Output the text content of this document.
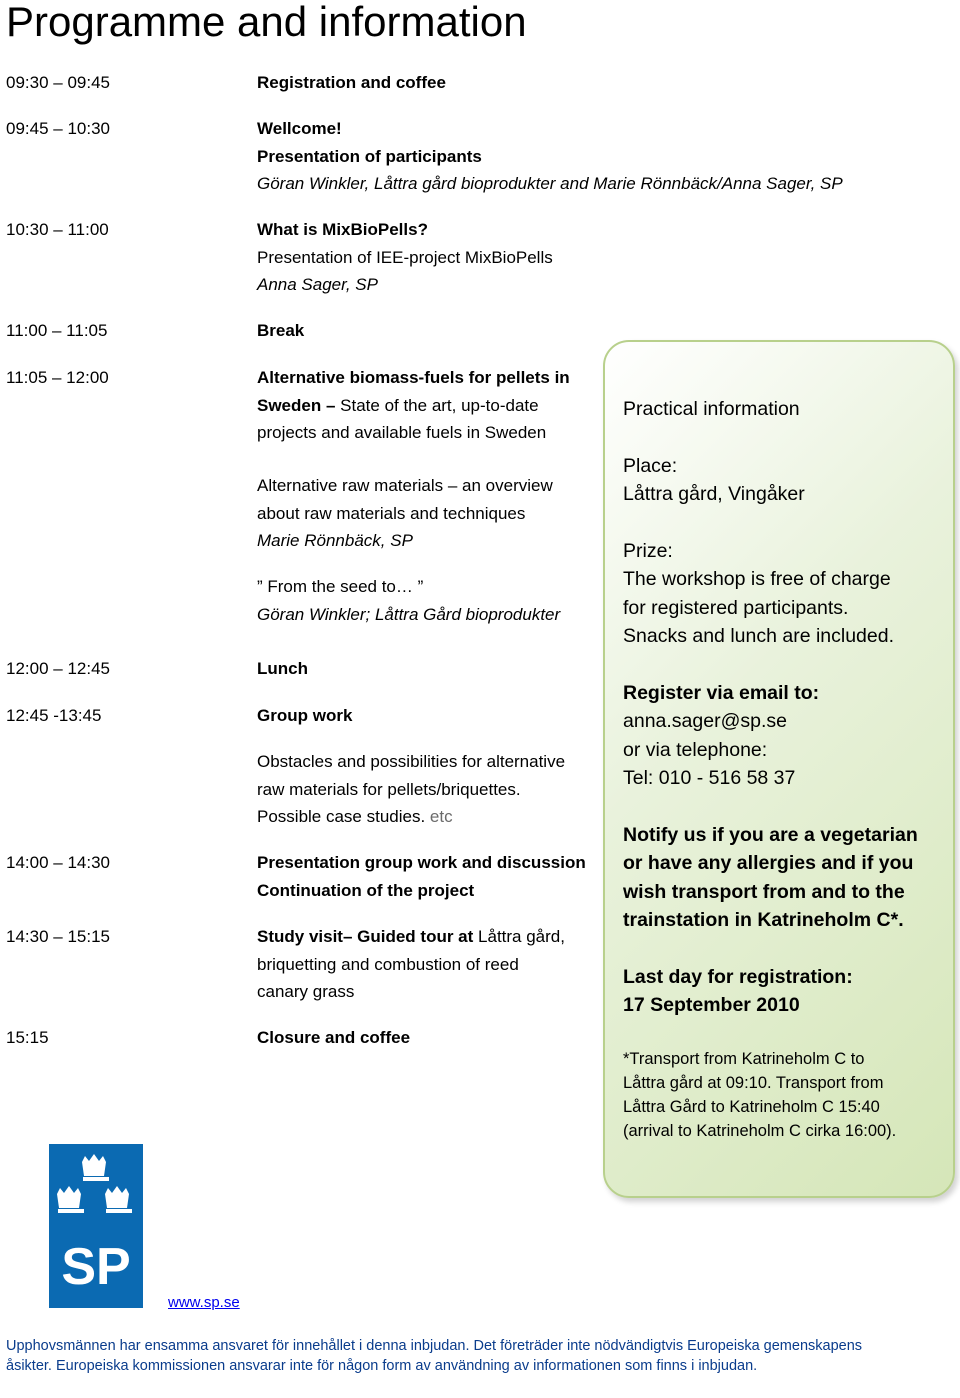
Programme and information
09:30 – 09:45	Registration and coffee
09:45 – 10:30	Wellcome!
Presentation of participants
Göran Winkler, Låttra gård bioprodukter and Marie Rönnbäck/Anna Sager, SP
10:30 – 11:00	What is MixBioPells?
Presentation of IEE-project MixBioPells
Anna Sager, SP
11:00 – 11:05	Break
11:05 – 12:00	Alternative biomass-fuels for pellets in
Sweden – State of the art, up-to-date
projects and available fuels in Sweden
Alternative raw materials – an overview
about raw materials and techniques
Marie Rönnbäck, SP
” From the seed to… ”
Göran Winkler; Låttra Gård bioprodukter
12:00 – 12:45	Lunch
12:45 -13:45	Group work
Obstacles and possibilities for alternative
raw materials for pellets/briquettes.
Possible case studies. etc
14:00 – 14:30	Presentation group work and discussion
Continuation of the project
14:30 – 15:15	Study visit– Guided tour at Låttra gård,
briquetting and combustion of reed
canary grass
15:15	Closure and coffee
Practical information
Place:
Låttra gård, Vingåker
Prize:
The workshop is free of charge
for registered participants.
Snacks and lunch are included.
Register via email to:
anna.sager@sp.se
or via telephone:
Tel: 010 - 516 58 37
Notify us if you are a vegetarian
or have any allergies and if you
wish transport from and to the
trainstation in Katrineholm C*.
Last day for registration:
17 September 2010
*Transport from Katrineholm C to
Låttra gård at 09:10. Transport from
Låttra Gård to Katrineholm C 15:40
(arrival to Katrineholm C cirka 16:00).
SP
www.sp.se
Upphovsmännen har ensamma ansvaret för innehållet i denna inbjudan. Det företräder inte nödvändigtvis Europeiska gemenskapens åsikter. Europeiska kommissionen ansvarar inte för någon form av användning av informationen som finns i inbjudan.
